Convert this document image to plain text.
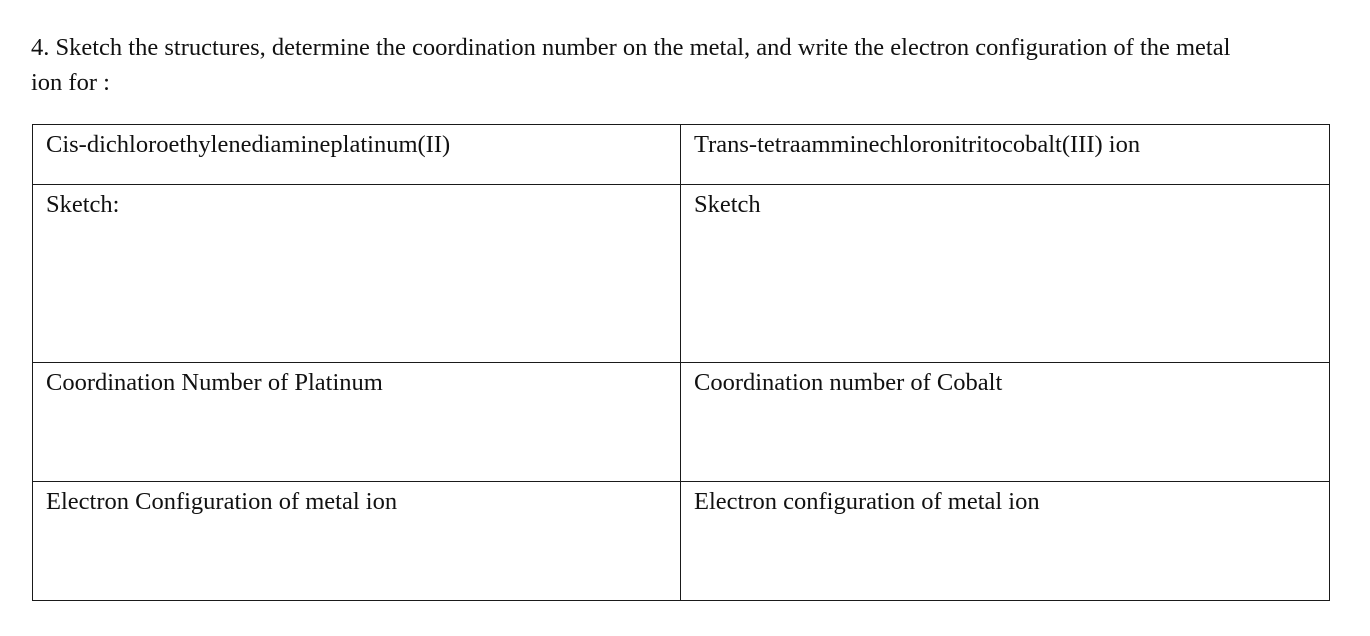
4. Sketch the structures, determine the coordination number on the metal, and write the electron configuration of the metal
ion for :
Cis-dichloroethylenediamineplatinum(II)	Trans-tetraamminechloronitritocobalt(III) ion
Sketch:	Sketch
Coordination Number of Platinum	Coordination number of Cobalt
Electron Configuration of metal ion	Electron configuration of metal ion
